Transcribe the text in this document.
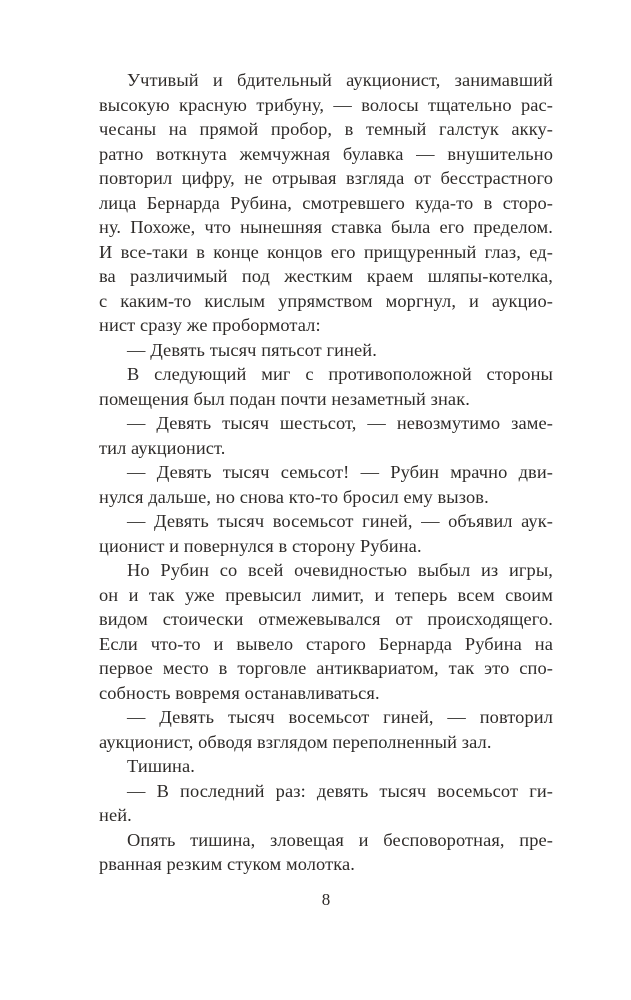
Учтивый и бдительный аукционист, занимавший
высокую красную трибуну, — волосы тщательно рас-
чесаны на прямой пробор, в темный галстук акку-
ратно воткнута жемчужная булавка — внушительно
повторил цифру, не отрывая взгляда от бесстрастного
лица Бернарда Рубина, смотревшего куда-то в сторо-
ну. Похоже, что нынешняя ставка была его пределом.
И все-таки в конце концов его прищуренный глаз, ед-
ва различимый под жестким краем шляпы-котелка,
с каким-то кислым упрямством моргнул, и аукцио-
нист сразу же пробормотал:

— Девять тысяч пятьсот гиней.

В следующий миг с противоположной стороны
помещения был подан почти незаметный знак.

— Девять тысяч шестьсот, — невозмутимо заме-
тил аукционист.

— Девять тысяч семьсот! — Рубин мрачно дви-
нулся дальше, но снова кто-то бросил ему вызов.

— Девять тысяч восемьсот гиней, — объявил аук-
ционист и повернулся в сторону Рубина.

Но Рубин со всей очевидностью выбыл из игры,
он и так уже превысил лимит, и теперь всем своим
видом стоически отмежевывался от происходящего.
Если что-то и вывело старого Бернарда Рубина на
первое место в торговле антиквариатом, так это спо-
собность вовремя останавливаться.

— Девять тысяч восемьсот гиней, — повторил
аукционист, обводя взглядом переполненный зал.

Тишина.

— В последний раз: девять тысяч восемьсот ги-
ней.

Опять тишина, зловещая и бесповоротная, пре-
рванная резким стуком молотка.

8
